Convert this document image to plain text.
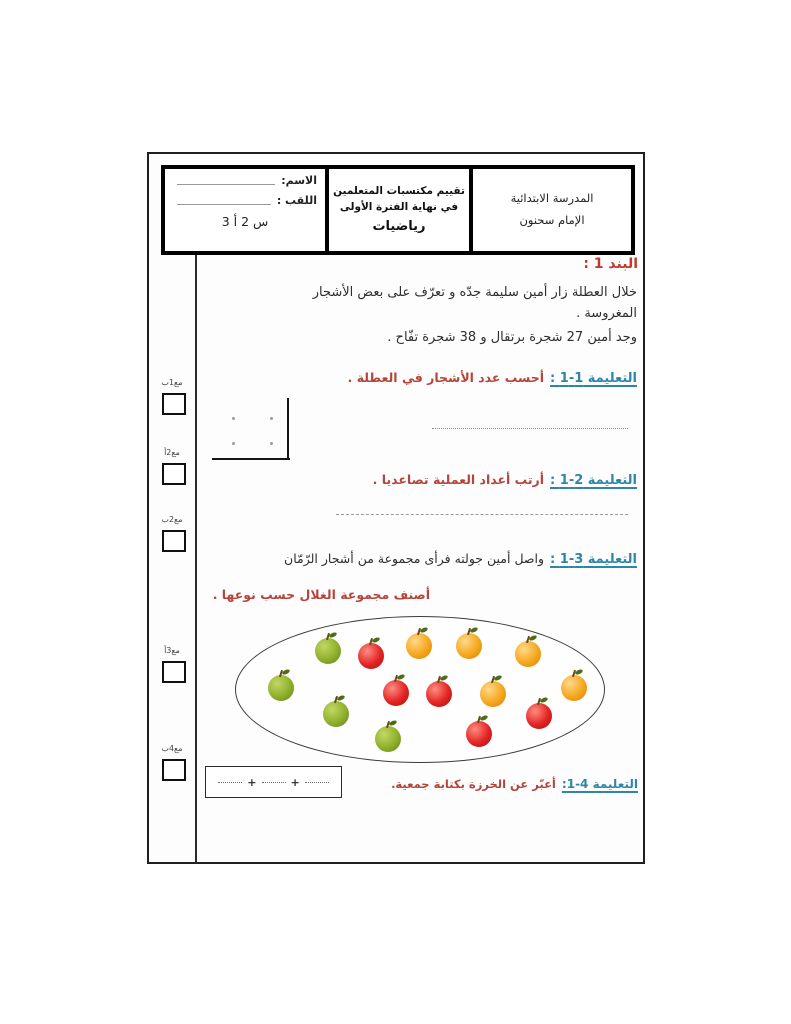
المدرسة الابتدائية
الإمام سحنون
تقييم مكتسبات المتعلمين
في نهاية الفترة الأولى
رياضيات
الاسم:
اللقب :
س 2 أ 3
مع1ب
مع2أ
مع2ب
مع3أ
مع4ب
البند 1 :
خلال العطلة زار أمين سليمة جدّه و تعرّف على بعض الأشجار
المغروسة .
وجد أمين 27 شجرة برتقال و 38 شجرة تفّاح .
التعليمة 1-1 :
أحسب عدد الأشجار في العطلة .
التعليمة 2-1 :
أرتب أعداد العملية تصاعديا .
التعليمة 3-1 :
واصل أمين جولته فرأى مجموعة من أشجار الرّمّان
أصنف مجموعة الغلال حسب نوعها .
+	+	التعليمة 4-1:
أعبّر عن الخرزة بكتابة جمعية.
